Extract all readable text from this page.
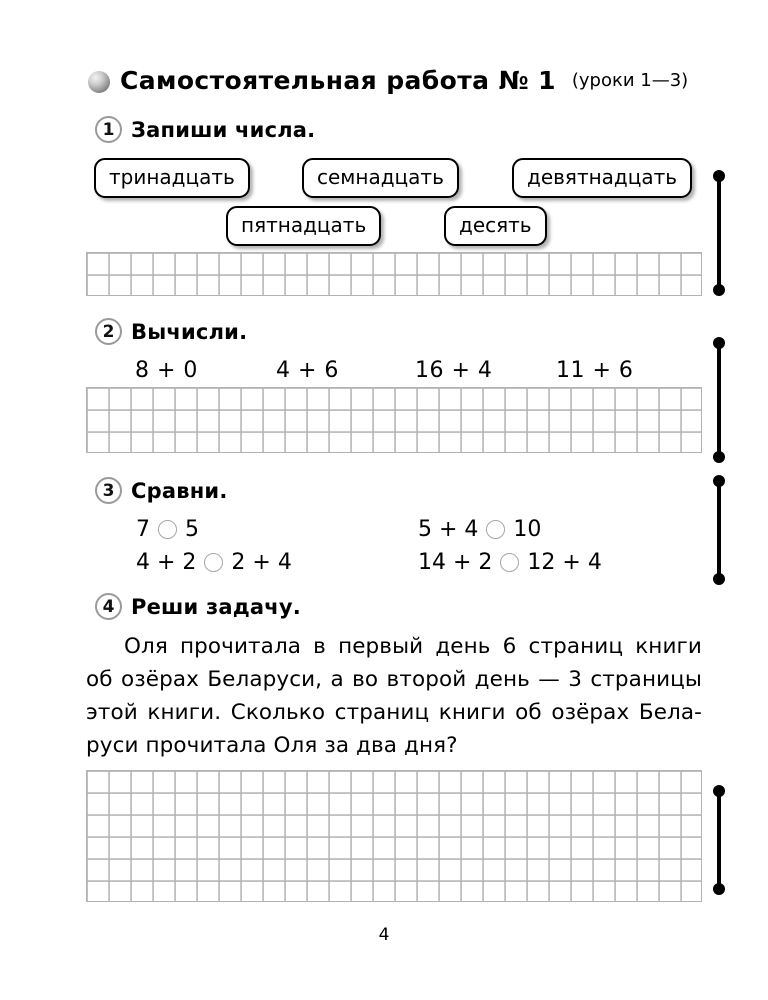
Самостоятельная работа № 1 (уроки 1—3)
1 Запиши числа.
тринадцать	семнадцать	девятнадцать
пятнадцать	десять
2 Вычисли.
8 + 0	4 + 6	16 + 4	11 + 6
3 Сравни.
7 5	5 + 4 10
4 + 2 2 + 4	14 + 2 12 + 4
4 Реши задачу.
Оля прочитала в первый день 6 страниц книги
об озёрах Беларуси, а во второй день — 3 страницы
этой книги. Сколько страниц книги об озёрах Бела-
руси прочитала Оля за два дня?
4
